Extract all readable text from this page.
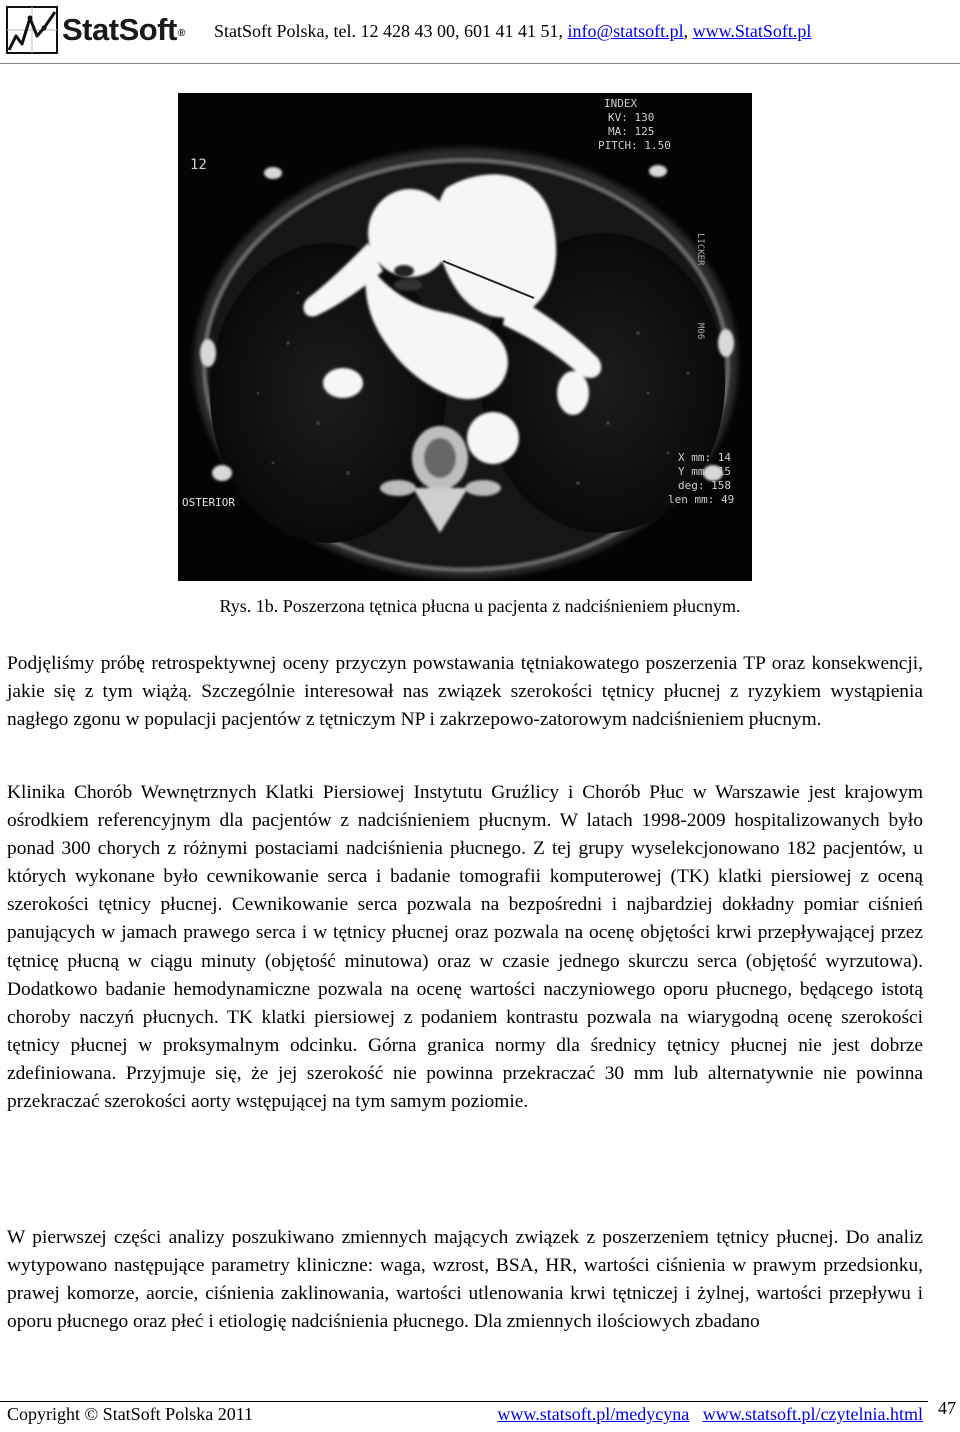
StatSoft® StatSoft Polska, tel. 12 428 43 00, 601 41 41 51, info@statsoft.pl, www.StatSoft.pl
12
INDEX
KV: 130
MA: 125
PITCH: 1.50
X mm: 14
Y mm: 15
deg: 158
len mm: 49
OSTERIOR
LICKER
M06
Rys. 1b. Poszerzona tętnica płucna u pacjenta z nadciśnieniem płucnym.

Podjęliśmy próbę retrospektywnej oceny przyczyn powstawania tętniakowatego poszerzenia TP oraz konsekwencji, jakie się z tym wiążą. Szczególnie interesował nas związek szerokości tętnicy płucnej z ryzykiem wystąpienia nagłego zgonu w populacji pacjentów z tętniczym NP i zakrzepowo-zatorowym nadciśnieniem płucnym.

Klinika Chorób Wewnętrznych Klatki Piersiowej Instytutu Gruźlicy i Chorób Płuc w Warszawie jest krajowym ośrodkiem referencyjnym dla pacjentów z nadciśnieniem płucnym. W latach 1998-2009 hospitalizowanych było ponad 300 chorych z różnymi postaciami nadciśnienia płucnego. Z tej grupy wyselekcjonowano 182 pacjentów, u których wykonane było cewnikowanie serca i badanie tomografii komputerowej (TK) klatki piersiowej z oceną szerokości tętnicy płucnej. Cewnikowanie serca pozwala na bezpośredni i najbardziej dokładny pomiar ciśnień panujących w jamach prawego serca i w tętnicy płucnej oraz pozwala na ocenę objętości krwi przepływającej przez tętnicę płucną w ciągu minuty (objętość minutowa) oraz w czasie jednego skurczu serca (objętość wyrzutowa). Dodatkowo badanie hemodynamiczne pozwala na ocenę wartości naczyniowego oporu płucnego, będącego istotą choroby naczyń płucnych. TK klatki piersiowej z podaniem kontrastu pozwala na wiarygodną ocenę szerokości tętnicy płucnej w proksymalnym odcinku. Górna granica normy dla średnicy tętnicy płucnej nie jest dobrze zdefiniowana. Przyjmuje się, że jej szerokość nie powinna przekraczać 30 mm lub alternatywnie nie powinna przekraczać szerokości aorty wstępującej na tym samym poziomie.

W pierwszej części analizy poszukiwano zmiennych mających związek z poszerzeniem tętnicy płucnej. Do analiz wytypowano następujące parametry kliniczne: waga, wzrost, BSA, HR, wartości ciśnienia w prawym przedsionku, prawej komorze, aorcie, ciśnienia zaklinowania, wartości utlenowania krwi tętniczej i żylnej, wartości przepływu i oporu płucnego oraz płeć i etiologię nadciśnienia płucnego. Dla zmiennych ilościowych zbadano

Copyright © StatSoft Polska 2011	www.statsoft.pl/medycyna www.statsoft.pl/czytelnia.html 47
